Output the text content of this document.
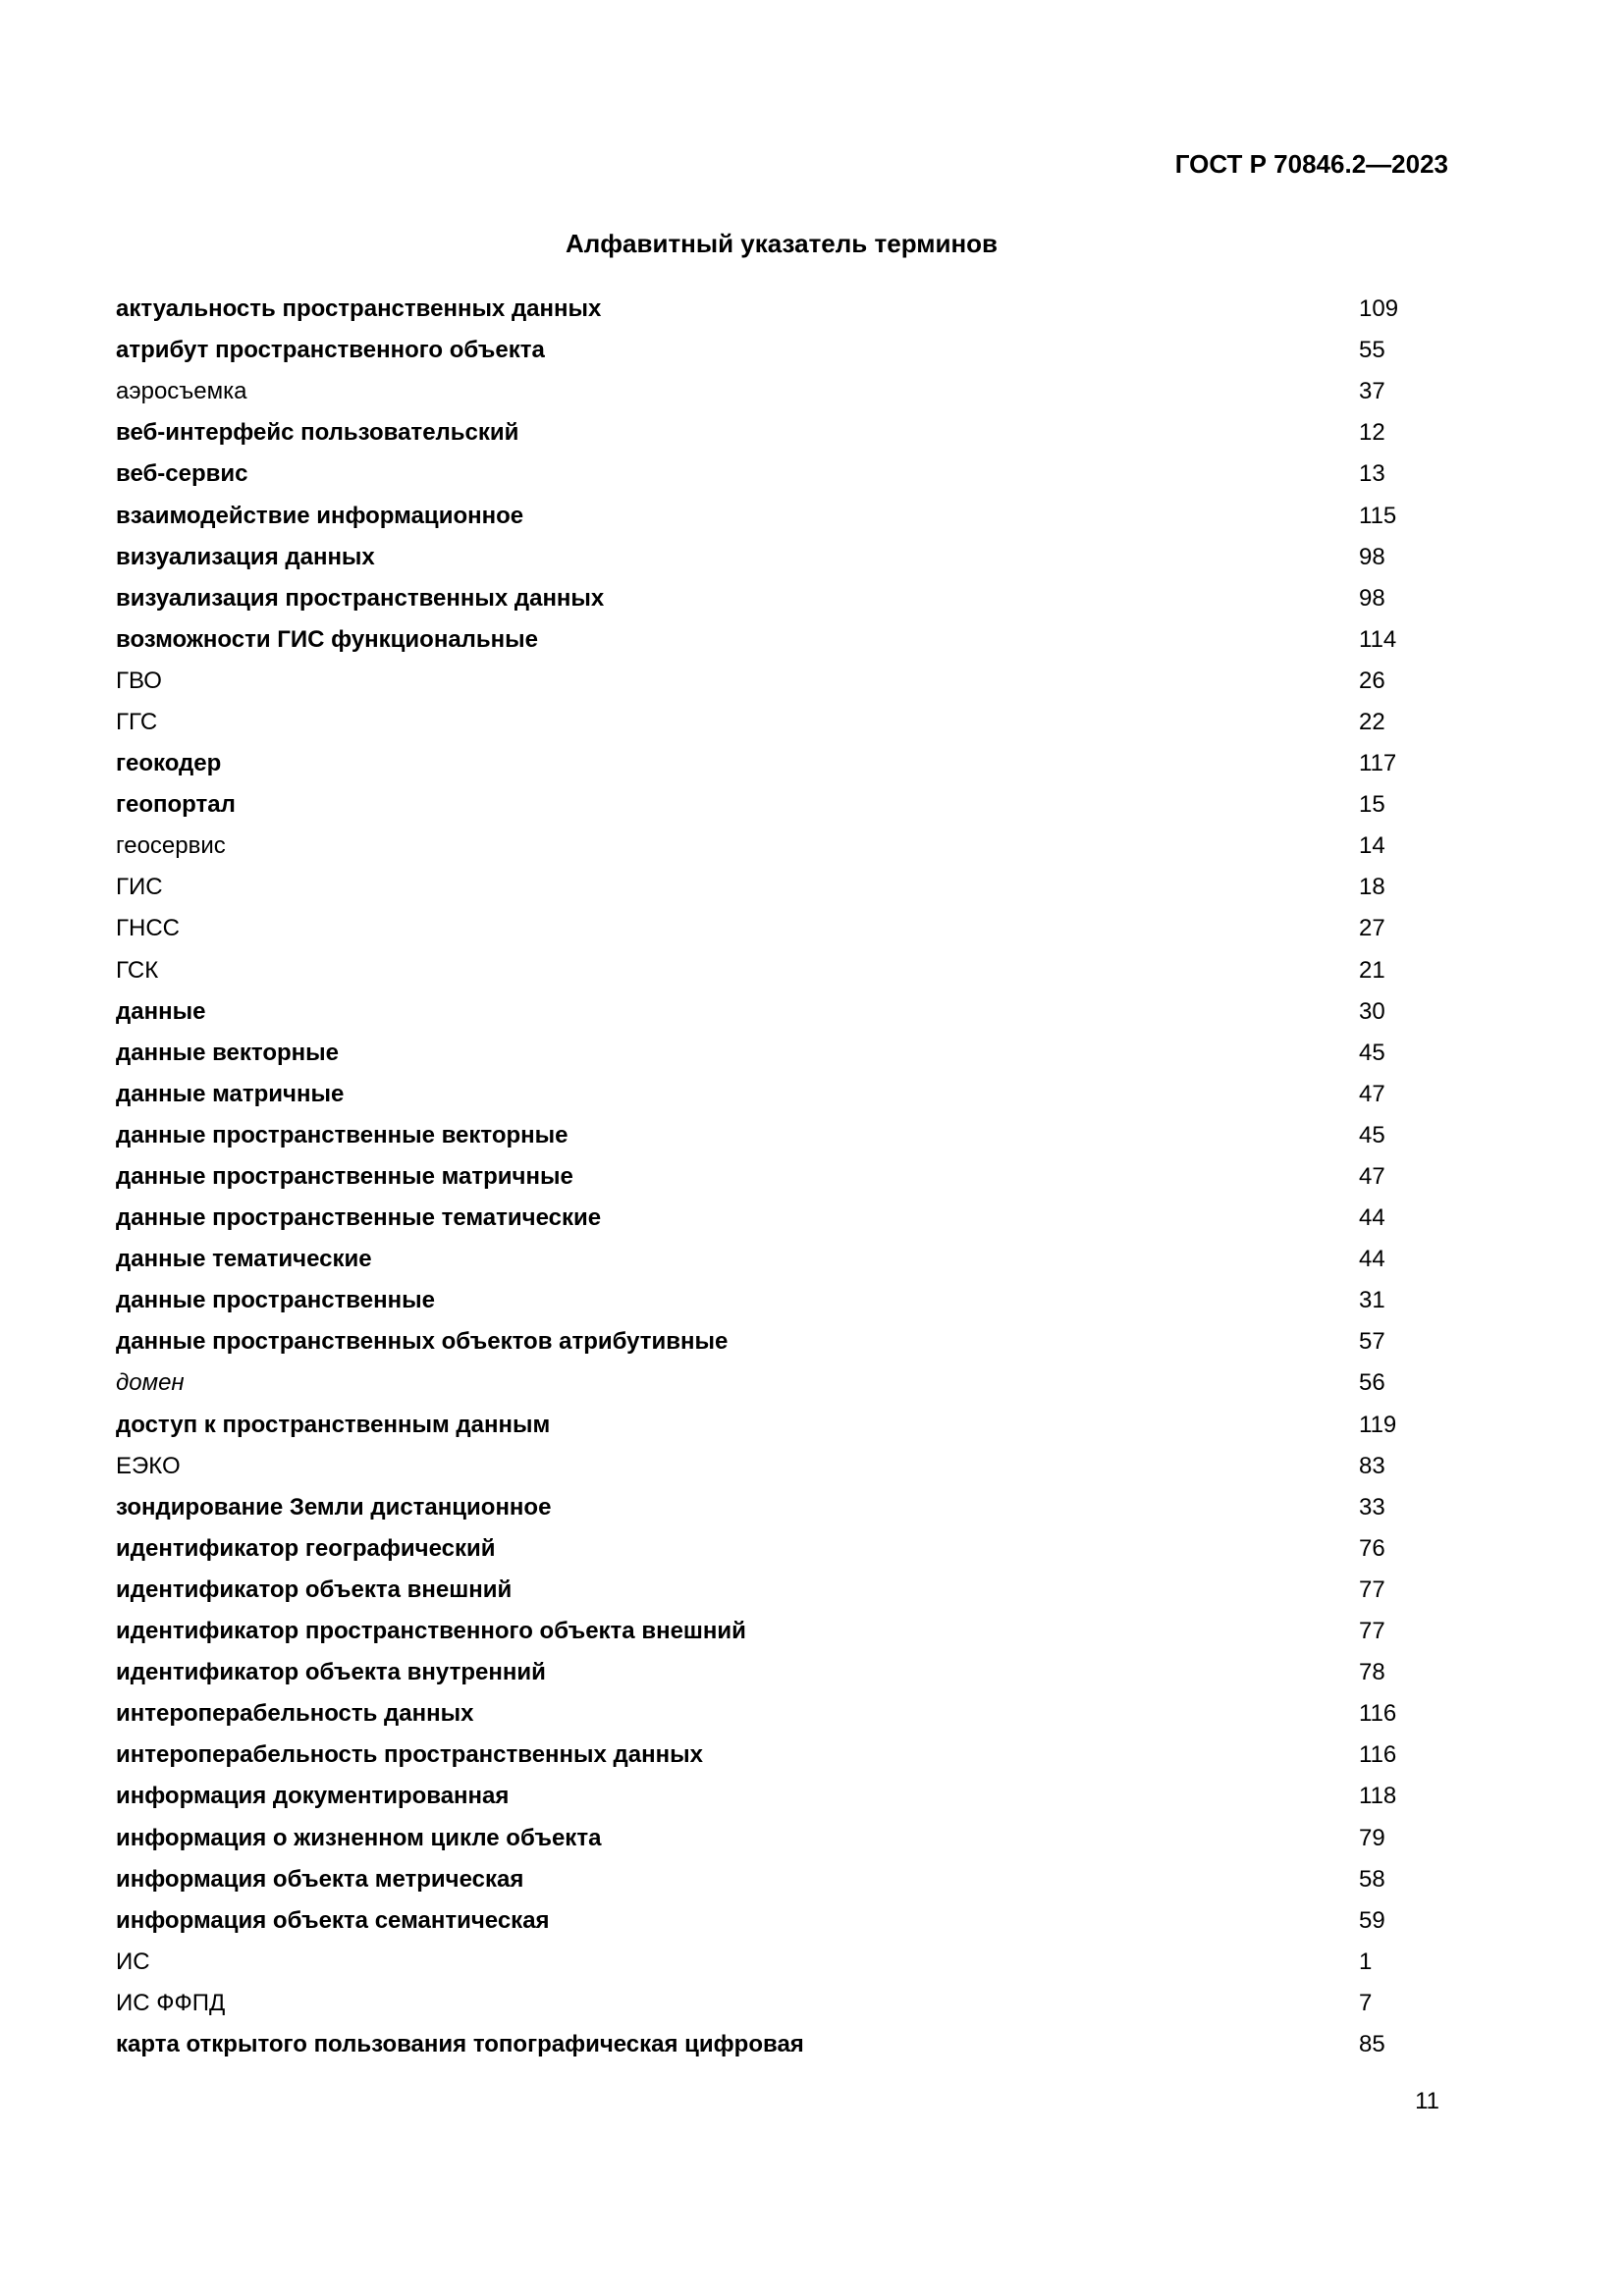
ГОСТ Р 70846.2—2023
Алфавитный указатель терминов
актуальность пространственных данных	109
атрибут пространственного объекта	55
аэросъемка	37
веб-интерфейс пользовательский	12
веб-сервис	13
взаимодействие информационное	115
визуализация данных	98
визуализация пространственных данных	98
возможности ГИС функциональные	114
ГВО	26
ГГС	22
геокодер	117
геопортал	15
геосервис	14
ГИС	18
ГНСС	27
ГСК	21
данные	30
данные векторные	45
данные матричные	47
данные пространственные векторные	45
данные пространственные матричные	47
данные пространственные тематические	44
данные тематические	44
данные пространственные	31
данные пространственных объектов атрибутивные	57
домен	56
доступ к пространственным данным	119
ЕЭКО	83
зондирование Земли дистанционное	33
идентификатор географический	76
идентификатор объекта внешний	77
идентификатор пространственного объекта внешний	77
идентификатор объекта внутренний	78
интероперабельность данных	116
интероперабельность пространственных данных	116
информация документированная	118
информация о жизненном цикле объекта	79
информация объекта метрическая	58
информация объекта семантическая	59
ИС	1
ИС ФФПД	7
карта открытого пользования топографическая цифровая	85
11
